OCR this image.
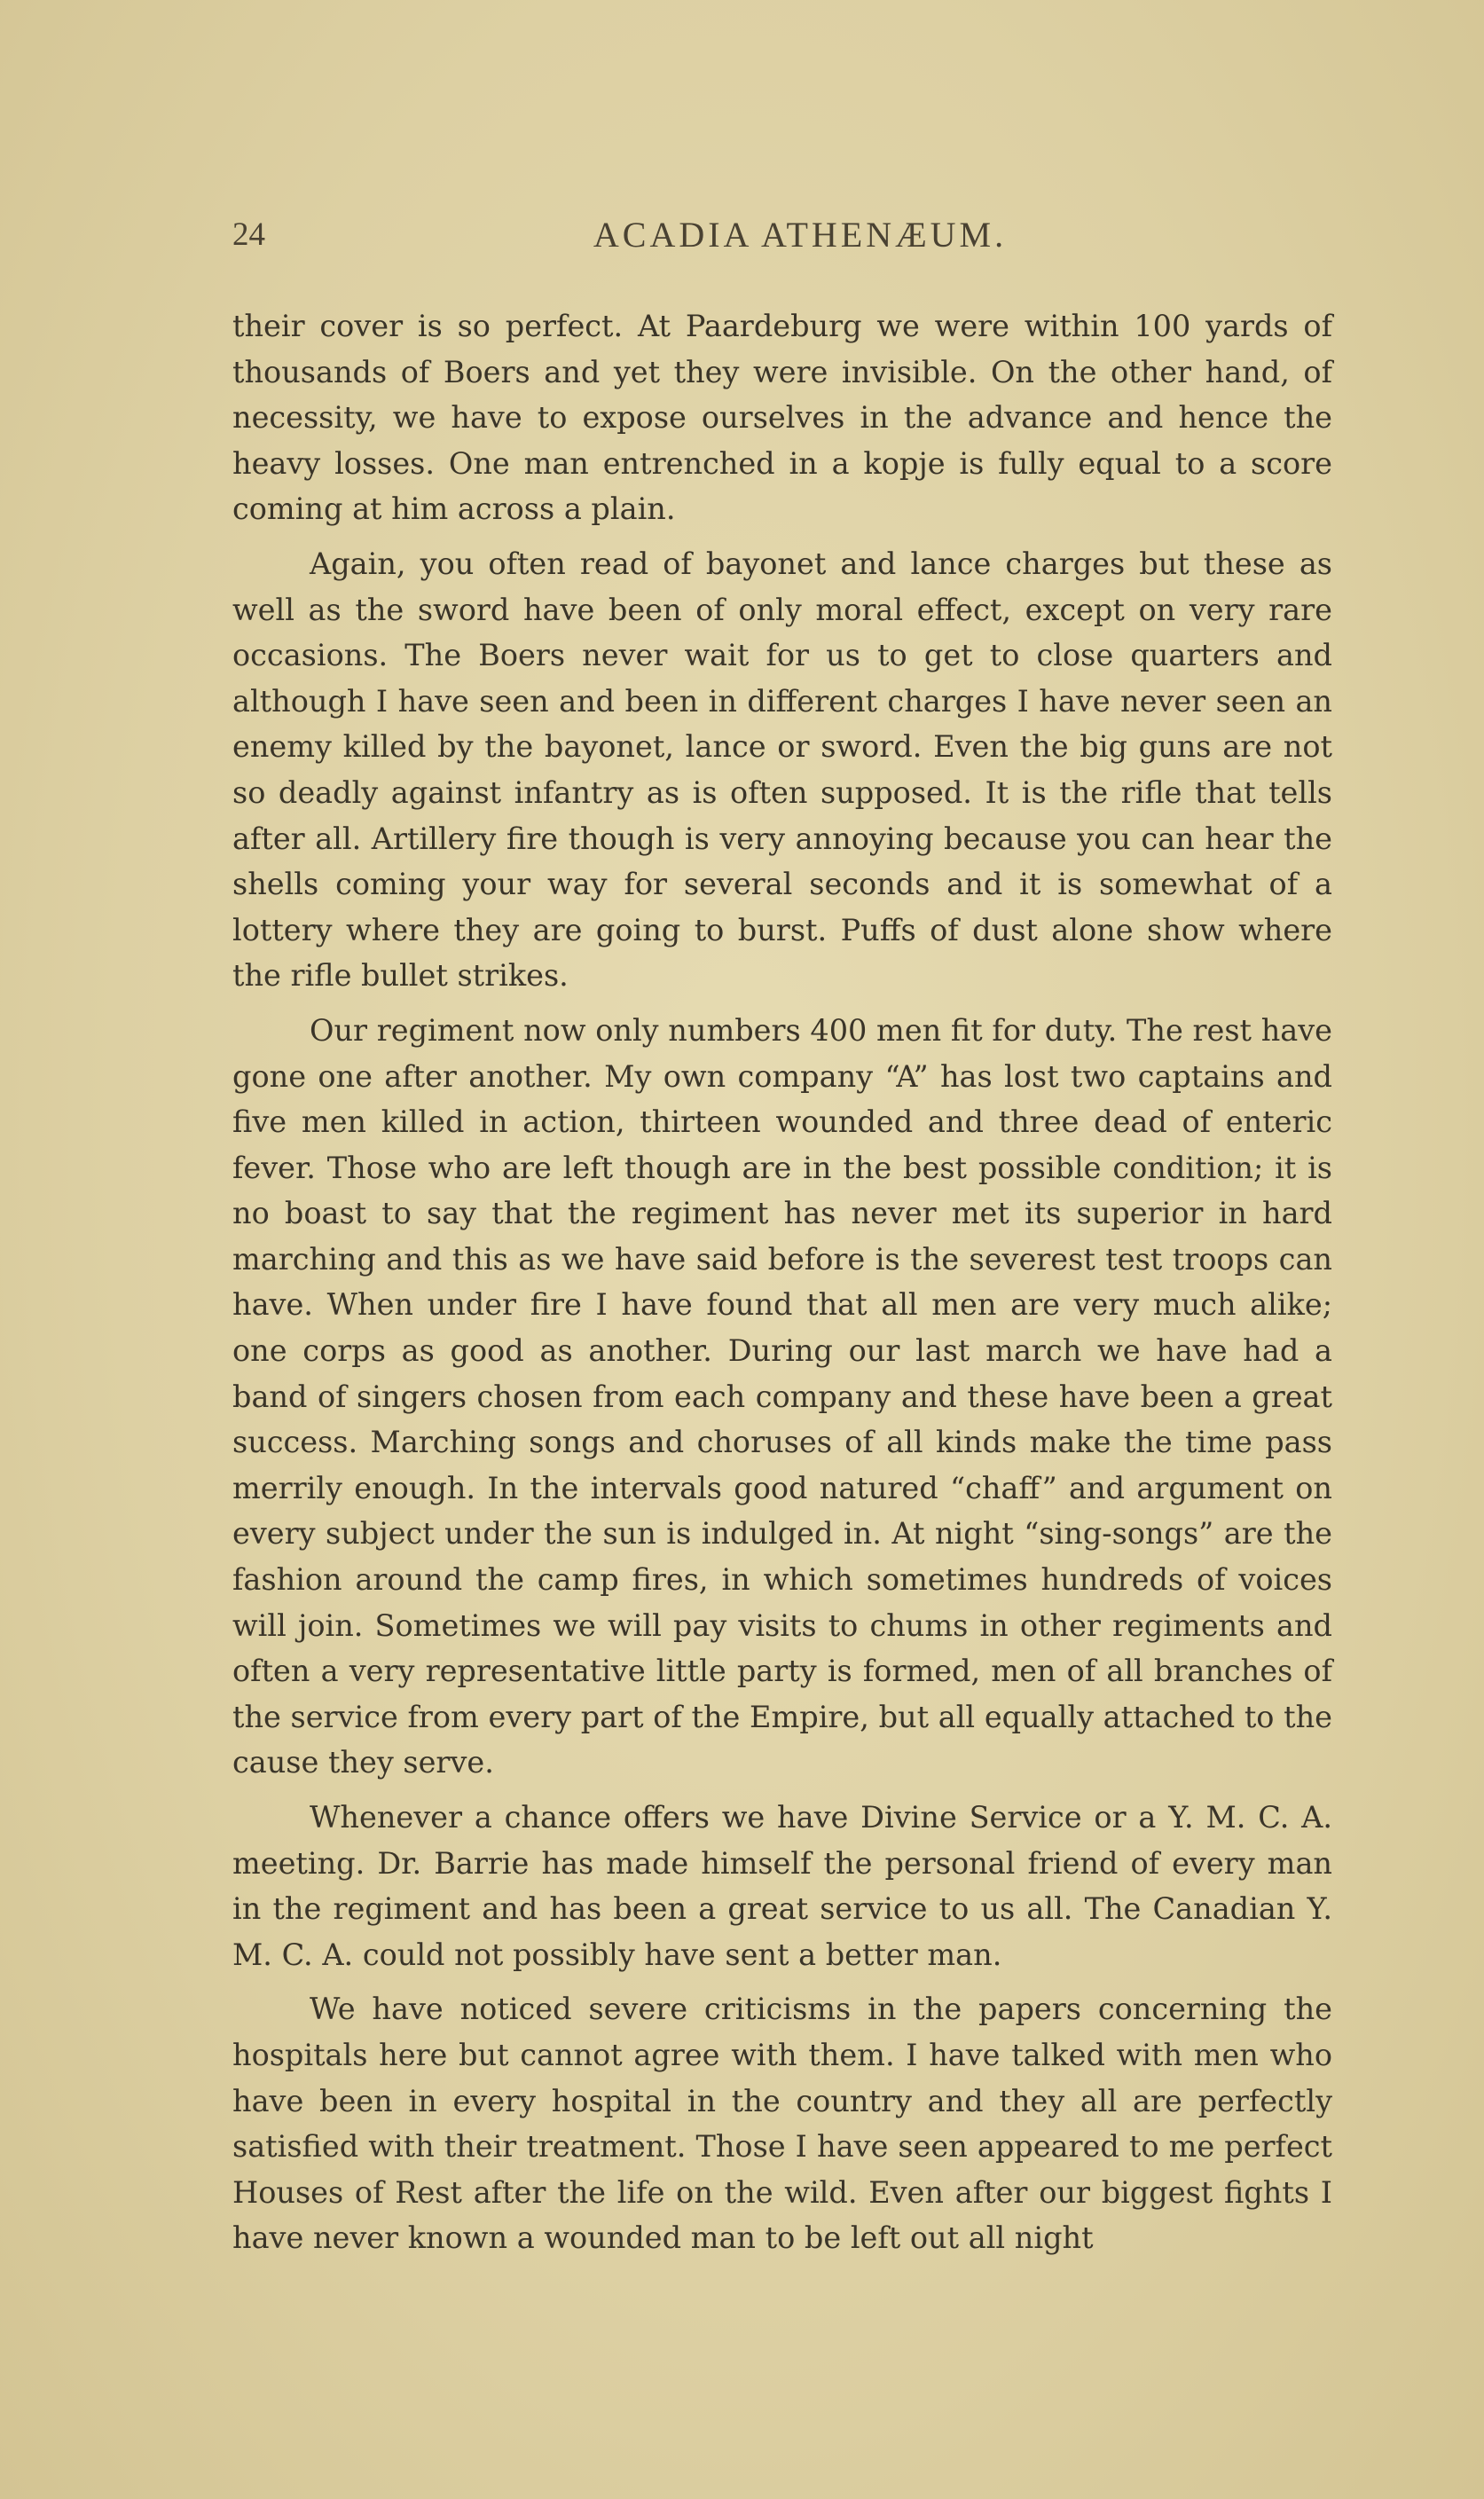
24	ACADIA ATHENÆUM.

their cover is so perfect. At Paardeburg we were within 100 yards of thousands of Boers and yet they were invisible. On the other hand, of necessity, we have to expose ourselves in the advance and hence the heavy losses. One man entrenched in a kopje is fully equal to a score coming at him across a plain.

Again, you often read of bayonet and lance charges but these as well as the sword have been of only moral effect, except on very rare occasions. The Boers never wait for us to get to close quarters and although I have seen and been in different charges I have never seen an enemy killed by the bayonet, lance or sword. Even the big guns are not so deadly against infantry as is often supposed. It is the rifle that tells after all. Artillery fire though is very annoying because you can hear the shells coming your way for several seconds and it is somewhat of a lottery where they are going to burst. Puffs of dust alone show where the rifle bullet strikes.

Our regiment now only numbers 400 men fit for duty. The rest have gone one after another. My own company “A” has lost two captains and five men killed in action, thirteen wounded and three dead of enteric fever. Those who are left though are in the best possible condition; it is no boast to say that the regiment has never met its superior in hard marching and this as we have said before is the severest test troops can have. When under fire I have found that all men are very much alike; one corps as good as another. During our last march we have had a band of singers chosen from each company and these have been a great success. Marching songs and choruses of all kinds make the time pass merrily enough. In the intervals good natured “chaff” and argument on every subject under the sun is indulged in. At night “sing-songs” are the fashion around the camp fires, in which sometimes hundreds of voices will join. Sometimes we will pay visits to chums in other regiments and often a very representative little party is formed, men of all branches of the service from every part of the Empire, but all equally attached to the cause they serve.

Whenever a chance offers we have Divine Service or a Y. M. C. A. meeting. Dr. Barrie has made himself the personal friend of every man in the regiment and has been a great service to us all. The Canadian Y. M. C. A. could not possibly have sent a better man.

We have noticed severe criticisms in the papers concerning the hospitals here but cannot agree with them. I have talked with men who have been in every hospital in the country and they all are perfectly satisfied with their treatment. Those I have seen appeared to me perfect Houses of Rest after the life on the wild. Even after our biggest fights I have never known a wounded man to be left out all night
